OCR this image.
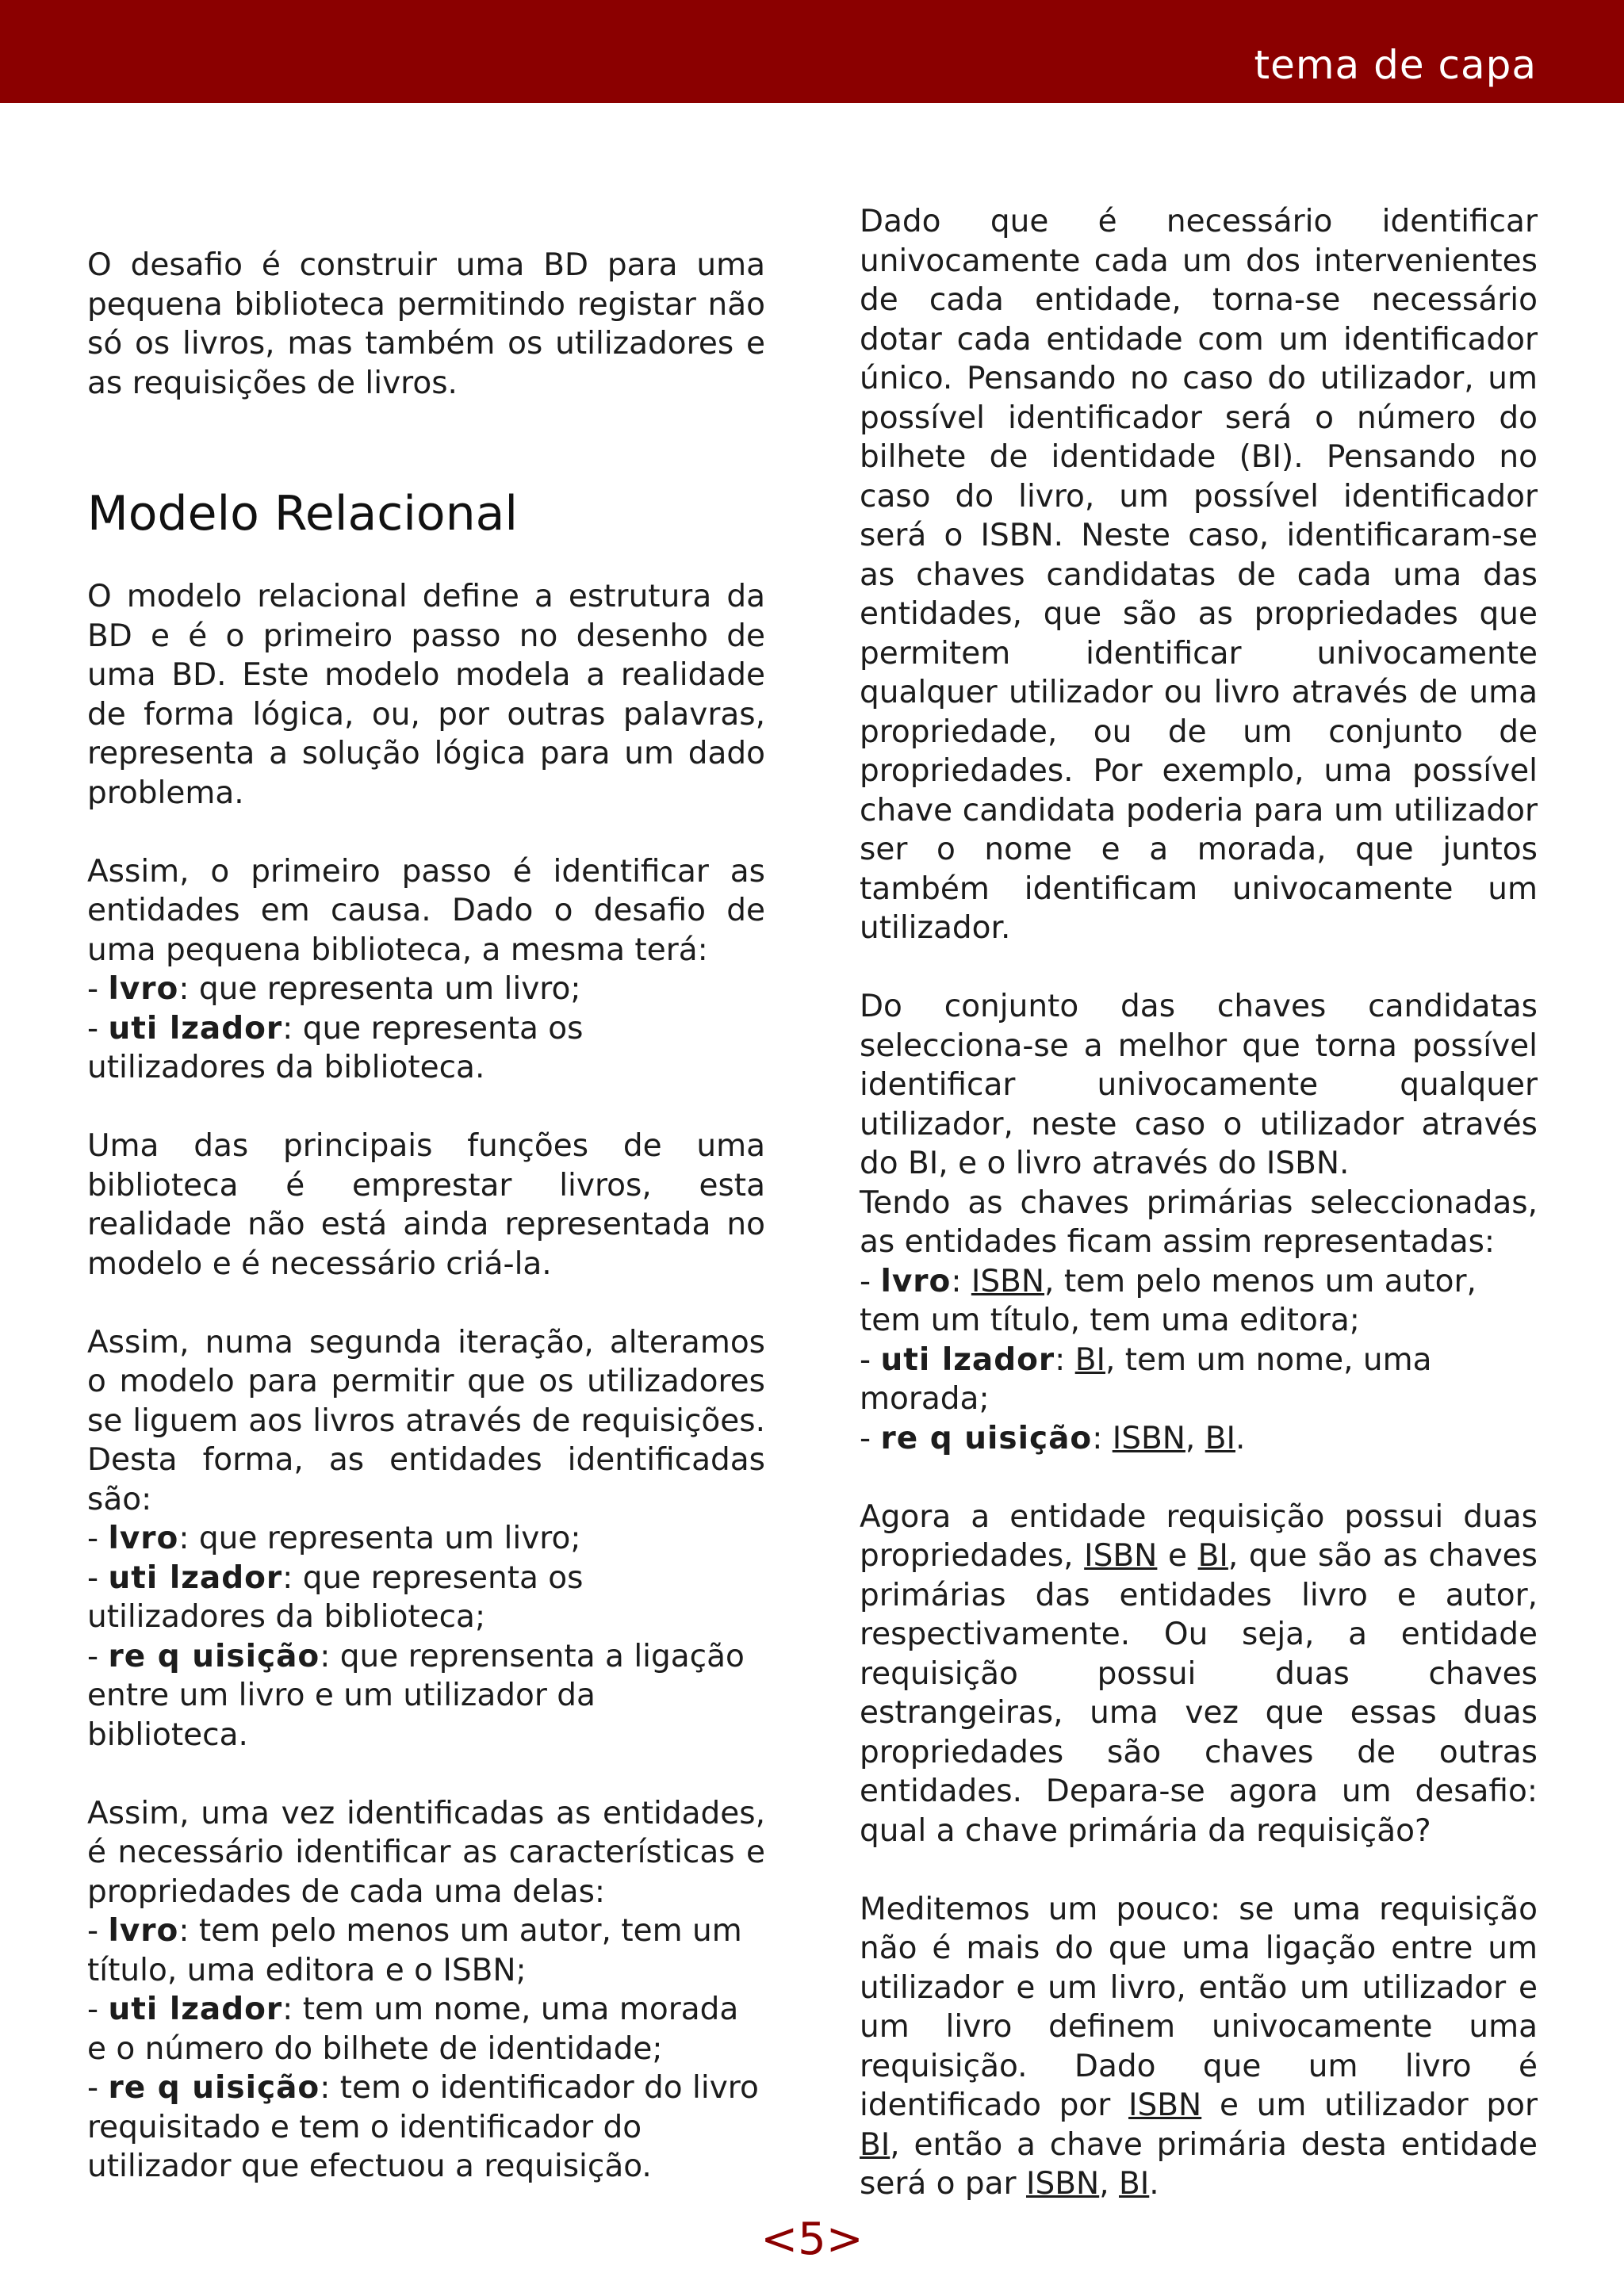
tema de capa

O desafio é construir uma BD para uma pequena biblioteca permitindo registar não só os livros, mas também os utilizadores e as requisições de livros.

Modelo Relacional

O modelo relacional define a estrutura da BD e é o primeiro passo no desenho de uma BD. Este modelo modela a realidade de forma lógica, ou, por outras palavras, representa a solução lógica para um dado problema.

Assim, o primeiro passo é identificar as entidades em causa. Dado o desafio de uma pequena biblioteca, a mesma terá:

- lvro: que representa um livro;

- uti lzador: que representa os utilizadores da biblioteca.

Uma das principais funções de uma biblioteca é emprestar livros, esta realidade não está ainda representada no modelo e é necessário criá-la.

Assim, numa segunda iteração, alteramos o modelo para permitir que os utilizadores se liguem aos livros através de requisições. Desta forma, as entidades identificadas são:

- lvro: que representa um livro;

- uti lzador: que representa os utilizadores da biblioteca;

- re q uisição: que reprensenta a ligação entre um livro e um utilizador da biblioteca.

Assim, uma vez identificadas as entidades, é necessário identificar as características e propriedades de cada uma delas:

- lvro: tem pelo menos um autor, tem um título, uma editora e o ISBN;

- uti lzador: tem um nome, uma morada e o número do bilhete de identidade;

- re q uisição: tem o identificador do livro requisitado e tem o identificador do utilizador que efectuou a requisição.

Dado que é necessário identificar univocamente cada um dos intervenientes de cada entidade, torna-se necessário dotar cada entidade com um identificador único. Pensando no caso do utilizador, um possível identificador será o número do bilhete de identidade (BI). Pensando no caso do livro, um possível identificador será o ISBN. Neste caso, identificaram-se as chaves candidatas de cada uma das entidades, que são as propriedades que permitem identificar univocamente qualquer utilizador ou livro através de uma propriedade, ou de um conjunto de propriedades. Por exemplo, uma possível chave candidata poderia para um utilizador ser o nome e a morada, que juntos também identificam univocamente um utilizador.

Do conjunto das chaves candidatas selecciona-se a melhor que torna possível identificar univocamente qualquer utilizador, neste caso o utilizador através do BI, e o livro através do ISBN.

Tendo as chaves primárias seleccionadas, as entidades ficam assim representadas:

- lvro: ISBN, tem pelo menos um autor, tem um título, tem uma editora;

- uti lzador: BI, tem um nome, uma morada;

- re q uisição: ISBN, BI.

Agora a entidade requisição possui duas propriedades, ISBN e BI, que são as chaves primárias das entidades livro e autor, respectivamente. Ou seja, a entidade requisição possui duas chaves estrangeiras, uma vez que essas duas propriedades são chaves de outras entidades. Depara-se agora um desafio: qual a chave primária da requisição?

Meditemos um pouco: se uma requisição não é mais do que uma ligação entre um utilizador e um livro, então um utilizador e um livro definem univocamente uma requisição. Dado que um livro é identificado por ISBN e um utilizador por BI, então a chave primária desta entidade será o par ISBN, BI.

<5>
